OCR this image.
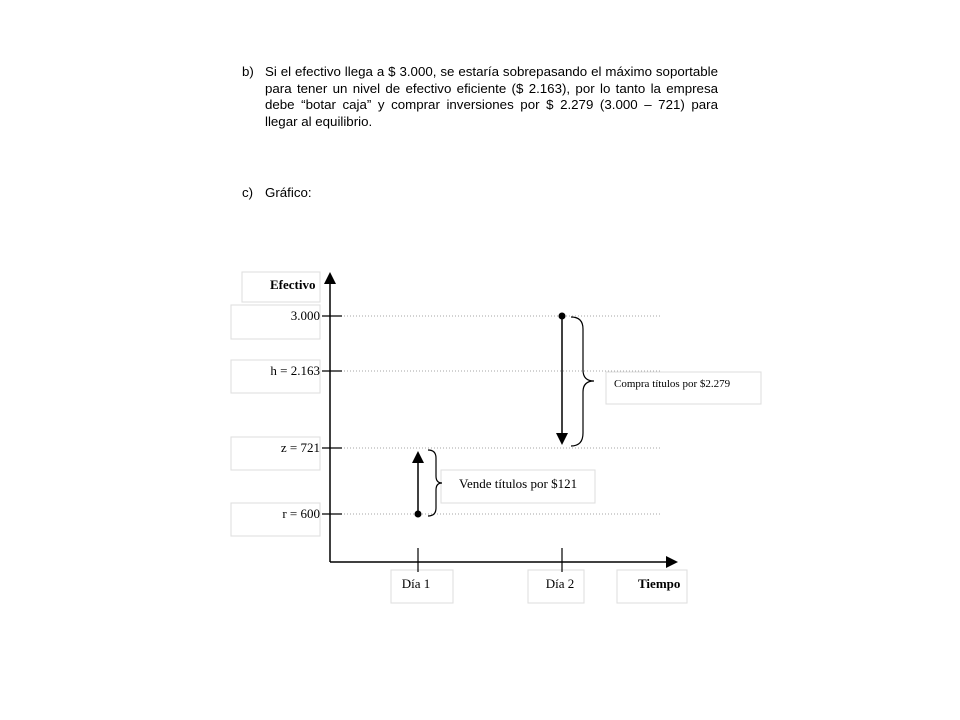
b) Si el efectivo llega a $ 3.000, se estaría sobrepasando el máximo soportable para tener un nivel de efectivo eficiente ($ 2.163), por lo tanto la empresa debe “botar caja” y comprar inversiones por $ 2.279 (3.000 – 721) para llegar al equilibrio.
c) Gráfico:
Efectivo
Tiempo
3.000
h = 2.163
z = 721
r = 600
Día 1	Día 2
Vende títulos por $121
Compra títulos por $2.279
